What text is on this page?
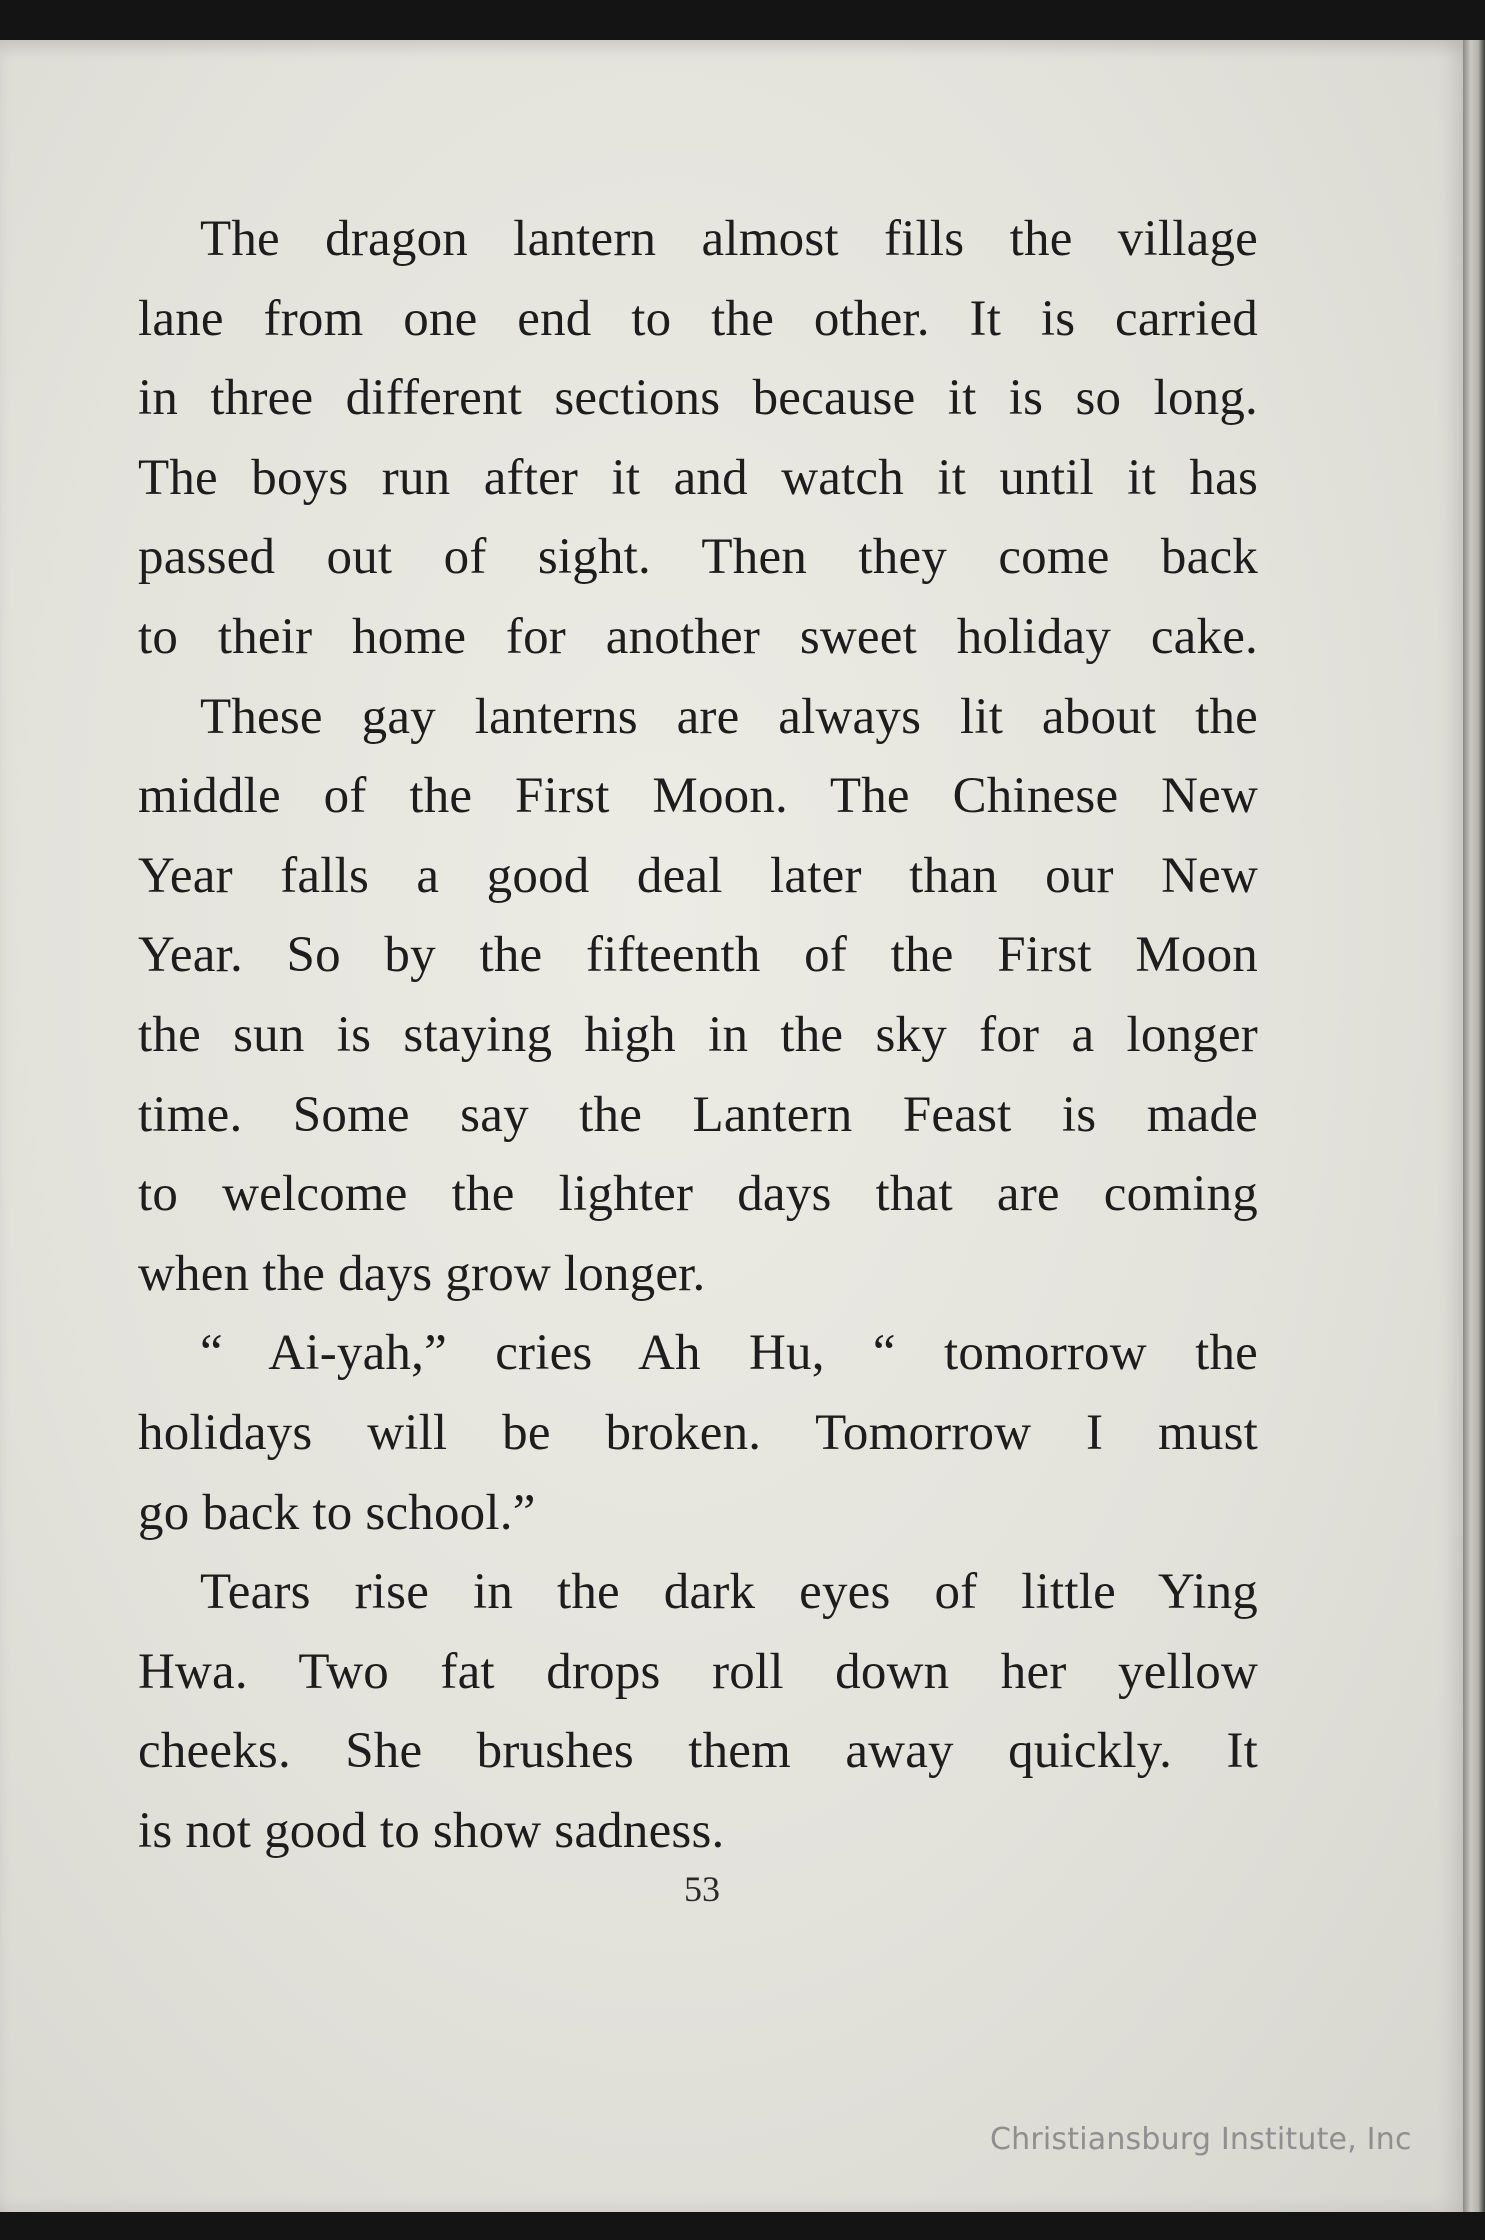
The dragon lantern almost fills the village
lane from one end to the other. It is carried
in three different sections because it is so long.
The boys run after it and watch it until it has
passed out of sight. Then they come back
to their home for another sweet holiday cake.
These gay lanterns are always lit about the
middle of the First Moon. The Chinese New
Year falls a good deal later than our New
Year. So by the fifteenth of the First Moon
the sun is staying high in the sky for a longer
time. Some say the Lantern Feast is made
to welcome the lighter days that are coming
when the days grow longer.
“ Ai-yah,” cries Ah Hu, “ tomorrow the
holidays will be broken. Tomorrow I must
go back to school.”
Tears rise in the dark eyes of little Ying
Hwa. Two fat drops roll down her yellow
cheeks. She brushes them away quickly. It
is not good to show sadness.
53
Christiansburg Institute, Inc
